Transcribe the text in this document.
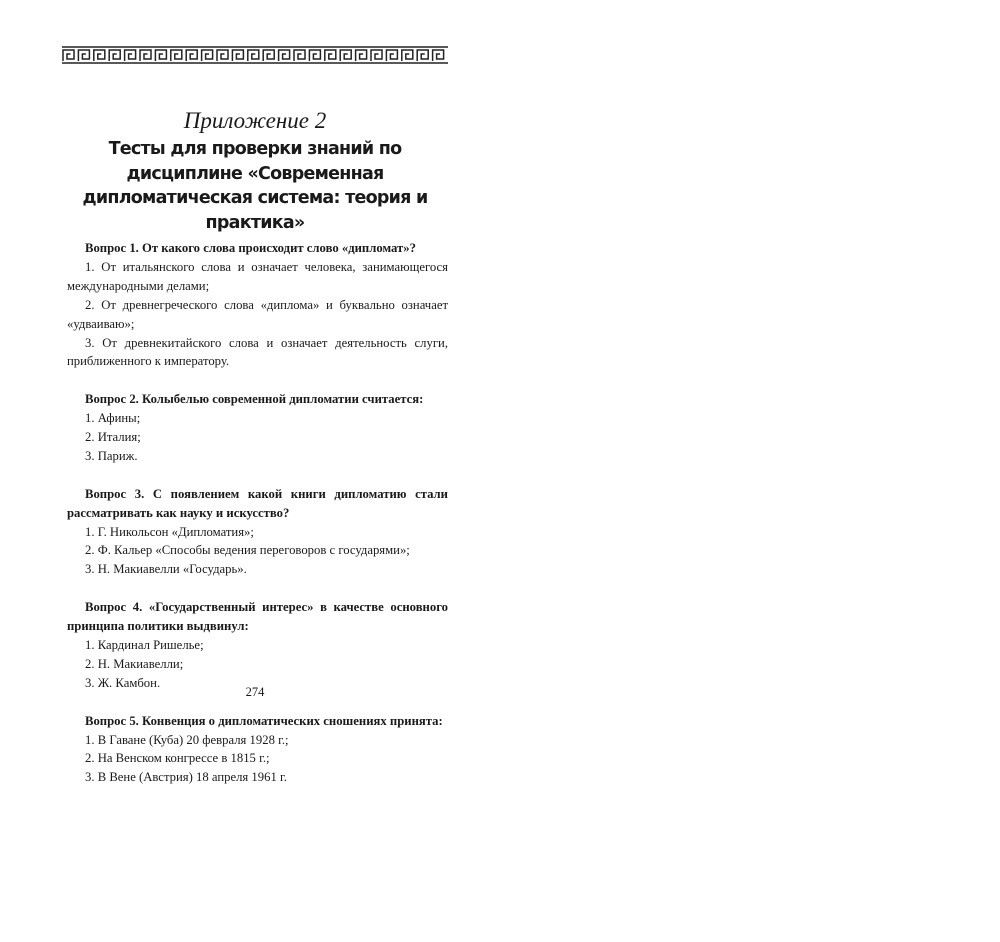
Приложение 2
Тесты для проверки знаний по дисциплине «Современная дипломатическая система: теория и практика»
Вопрос 1. От какого слова происходит слово «дипломат»?
1. От итальянского слова и означает человека, занимающегося международными делами;
2. От древнегреческого слова «диплома» и буквально означает «удваиваю»;
3. От древнекитайского слова и означает деятельность слуги, приближенного к императору.
Вопрос 2. Колыбелью современной дипломатии считается:
1. Афины;
2. Италия;
3. Париж.
Вопрос 3. С появлением какой книги дипломатию стали рассматривать как науку и искусство?
1. Г. Никольсон «Дипломатия»;
2. Ф. Кальер «Способы ведения переговоров с государями»;
3. Н. Макиавелли «Государь».
Вопрос 4. «Государственный интерес» в качестве основного принципа политики выдвинул:
1. Кардинал Ришелье;
2. Н. Макиавелли;
3. Ж. Камбон.
Вопрос 5. Конвенция о дипломатических сношениях принята:
1. В Гаване (Куба) 20 февраля 1928 г.;
2. На Венском конгрессе в 1815 г.;
3. В Вене (Австрия) 18 апреля 1961 г.
274
